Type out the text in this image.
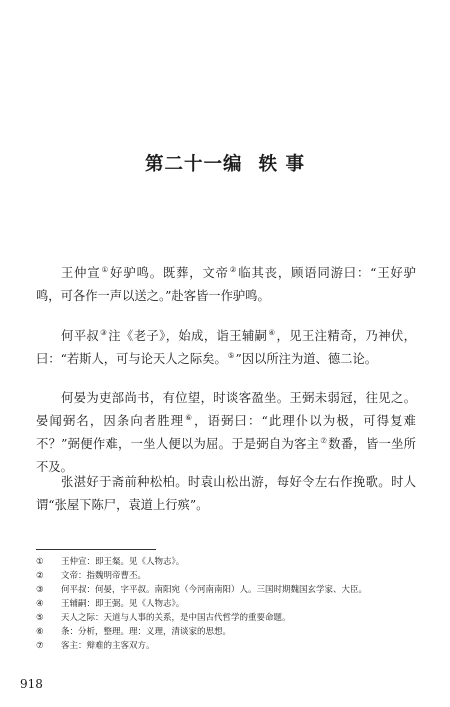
第二十一编 轶 事

王仲宣①好驴鸣。既葬，文帝②临其丧，顾语同游曰：“王好驴鸣，可各作一声以送之。”赴客皆一作驴鸣。

何平叔③注《老子》，始成，诣王辅嗣④，见王注精奇，乃神伏，曰：“若斯人，可与论天人之际矣。⑤”因以所注为道、德二论。

何晏为吏部尚书，有位望，时谈客盈坐。王弼未弱冠，往见之。晏闻弼名，因条向者胜理⑥，语弼曰：“此理仆以为极，可得复难不？”弼便作难，一坐人便以为屈。于是弼自为客主⑦数番，皆一坐所不及。

张湛好于斋前种松柏。时袁山松出游，每好令左右作挽歌。时人谓“张屋下陈尸，袁道上行殡”。

① 王仲宣：即王粲。见《人物志》。
② 文帝：指魏明帝曹丕。
③ 何平叔：何晏，字平叔。南阳宛（今河南南阳）人。三国时期魏国玄学家、大臣。
④ 王辅嗣：即王弼。见《人物志》。
⑤ 天人之际：天道与人事的关系，是中国古代哲学的重要命题。
⑥ 条：分析，整理。理：义理，清谈家的思想。
⑦ 客主：辩难的主客双方。
918
